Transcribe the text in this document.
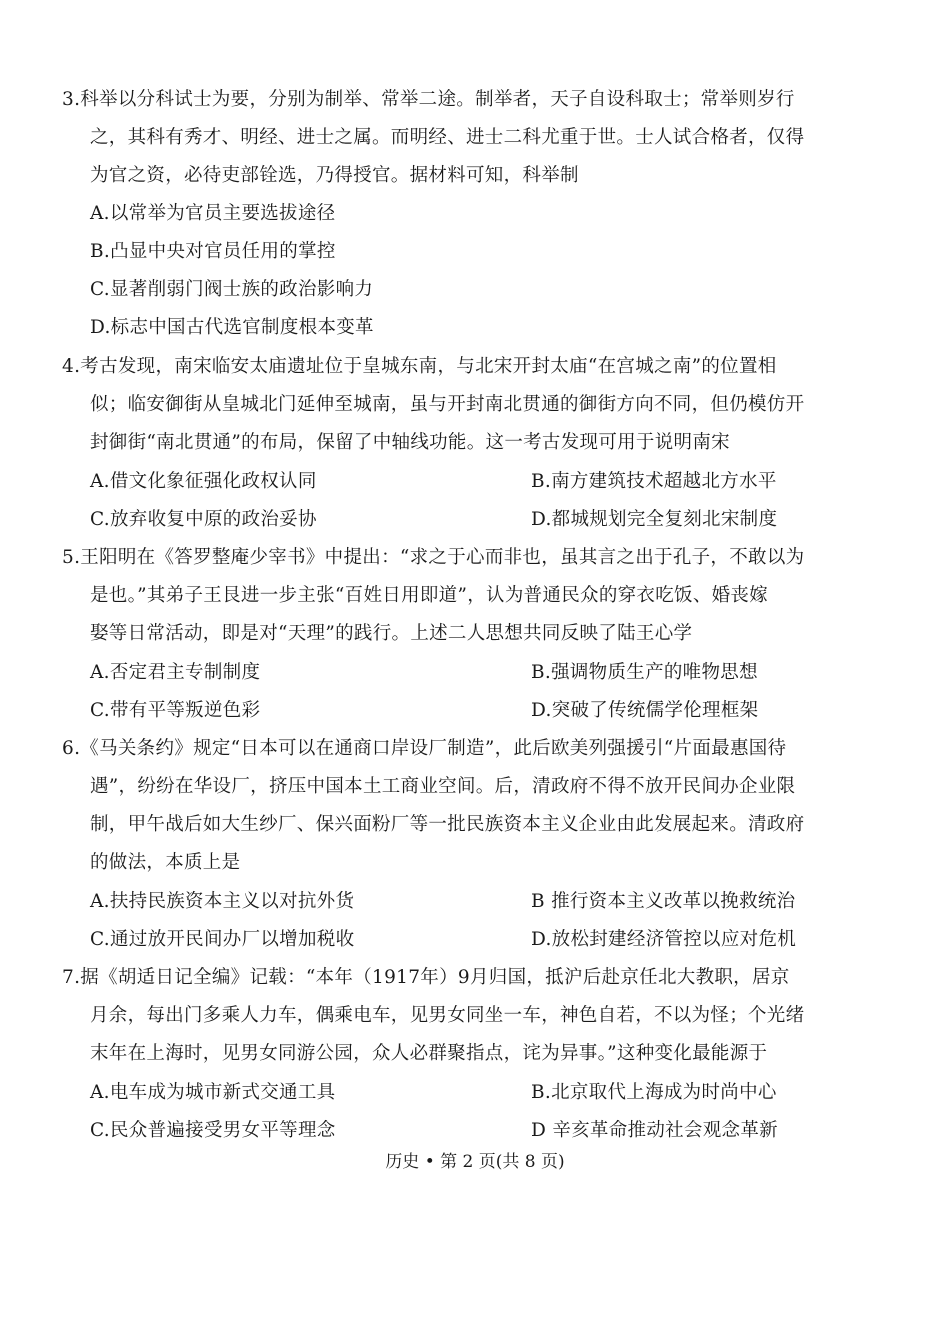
3.科举以分科试士为要，分别为制举、常举二途。制举者，天子自设科取士；常举则岁行
之，其科有秀才、明经、进士之属。而明经、进士二科尤重于世。士人试合格者，仅得
为官之资，必待吏部铨选，乃得授官。据材料可知，科举制
A.以常举为官员主要选拔途径
B.凸显中央对官员任用的掌控
C.显著削弱门阀士族的政治影响力
D.标志中国古代选官制度根本变革
4.考古发现，南宋临安太庙遗址位于皇城东南，与北宋开封太庙“在宫城之南”的位置相
似；临安御街从皇城北门延伸至城南，虽与开封南北贯通的御街方向不同，但仍模仿开
封御街“南北贯通”的布局，保留了中轴线功能。这一考古发现可用于说明南宋
A.借文化象征强化政权认同	B.南方建筑技术超越北方水平
C.放弃收复中原的政治妥协	D.都城规划完全复刻北宋制度
5.王阳明在《答罗整庵少宰书》中提出：“求之于心而非也，虽其言之出于孔子，不敢以为
是也。”其弟子王艮进一步主张“百姓日用即道”，认为普通民众的穿衣吃饭、婚丧嫁
娶等日常活动，即是对“天理”的践行。上述二人思想共同反映了陆王心学
A.否定君主专制制度	B.强调物质生产的唯物思想
C.带有平等叛逆色彩	D.突破了传统儒学伦理框架
6.《马关条约》规定“日本可以在通商口岸设厂制造”，此后欧美列强援引“片面最惠国待
遇”，纷纷在华设厂，挤压中国本土工商业空间。后，清政府不得不放开民间办企业限
制，甲午战后如大生纱厂、保兴面粉厂等一批民族资本主义企业由此发展起来。清政府
的做法，本质上是
A.扶持民族资本主义以对抗外货	B 推行资本主义改革以挽救统治
C.通过放开民间办厂以增加税收	D.放松封建经济管控以应对危机
7.据《胡适日记全编》记载：“本年（1917年）9月归国，抵沪后赴京任北大教职，居京
月余，每出门多乘人力车，偶乘电车，见男女同坐一车，神色自若，不以为怪；个光绪
末年在上海时，见男女同游公园，众人必群聚指点，诧为异事。”这种变化最能源于
A.电车成为城市新式交通工具	B.北京取代上海成为时尚中心
C.民众普遍接受男女平等理念	D 辛亥革命推动社会观念革新
历史 • 第 2 页(共 8 页)
